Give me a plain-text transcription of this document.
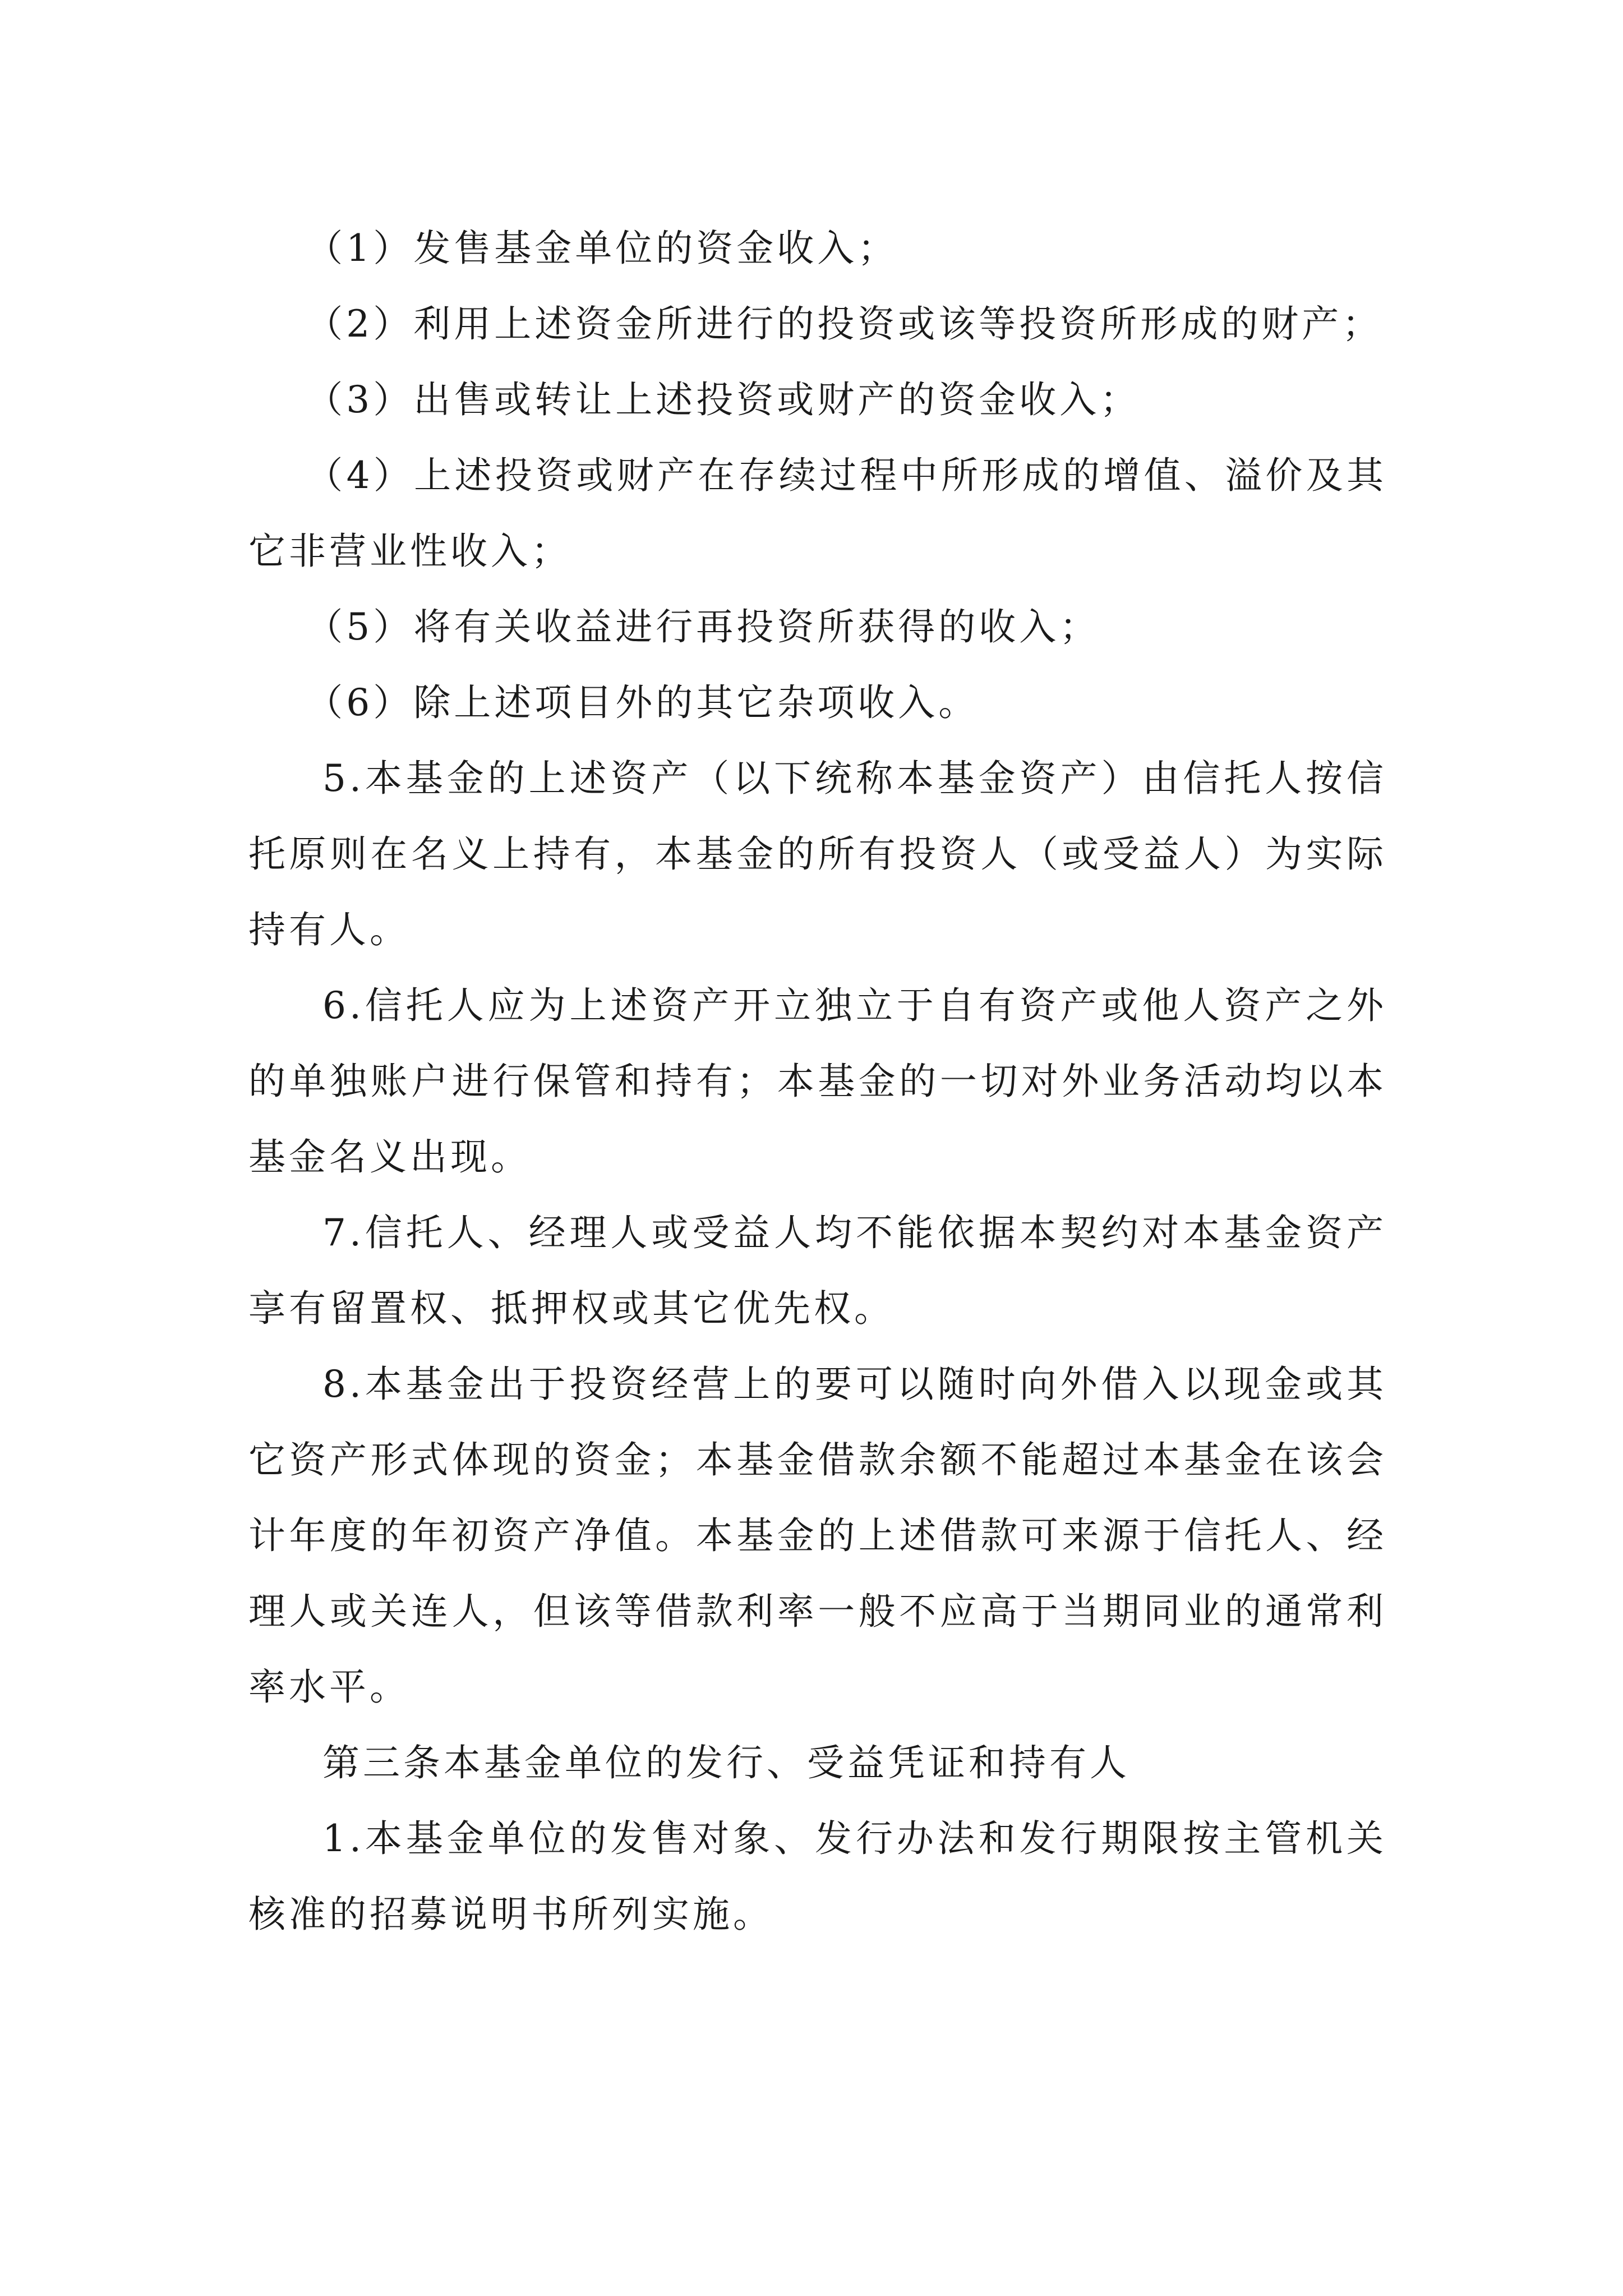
（1）发售基金单位的资金收入；

（2）利用上述资金所进行的投资或该等投资所形成的财产；

（3）出售或转让上述投资或财产的资金收入；

（4）上述投资或财产在存续过程中所形成的增值、溢价及其它非营业性收入；

（5）将有关收益进行再投资所获得的收入；

（6）除上述项目外的其它杂项收入。

5.本基金的上述资产（以下统称本基金资产）由信托人按信托原则在名义上持有，本基金的所有投资人（或受益人）为实际持有人。

6.信托人应为上述资产开立独立于自有资产或他人资产之外的单独账户进行保管和持有；本基金的一切对外业务活动均以本基金名义出现。

7.信托人、经理人或受益人均不能依据本契约对本基金资产享有留置权、抵押权或其它优先权。

8.本基金出于投资经营上的要可以随时向外借入以现金或其它资产形式体现的资金；本基金借款余额不能超过本基金在该会计年度的年初资产净值。本基金的上述借款可来源于信托人、经理人或关连人，但该等借款利率一般不应高于当期同业的通常利率水平。

第三条本基金单位的发行、受益凭证和持有人

1.本基金单位的发售对象、发行办法和发行期限按主管机关核准的招募说明书所列实施。
